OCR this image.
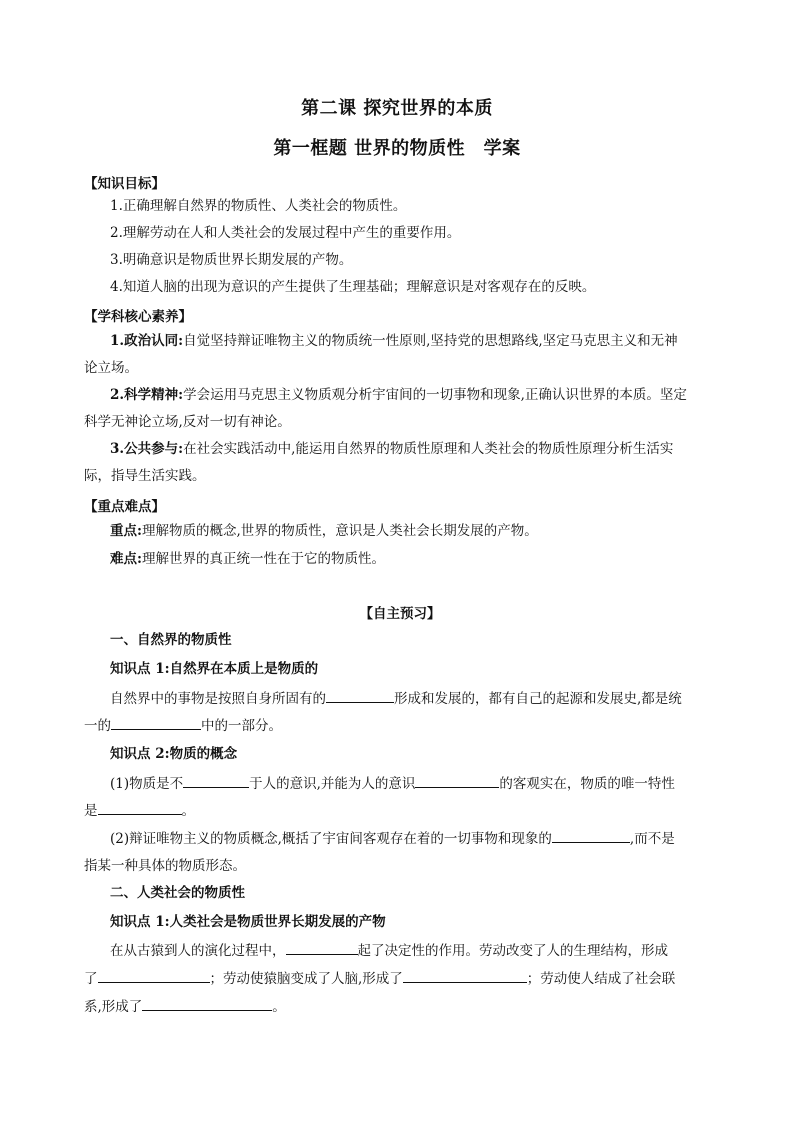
第二课 探究世界的本质
第一框题 世界的物质性　学案
【知识目标】
1.正确理解自然界的物质性、人类社会的物质性。
2.理解劳动在人和人类社会的发展过程中产生的重要作用。
3.明确意识是物质世界长期发展的产物。
4.知道人脑的出现为意识的产生提供了生理基础；理解意识是对客观存在的反映。
【学科核心素养】
1.政治认同:自觉坚持辩证唯物主义的物质统一性原则,坚持党的思想路线,坚定马克思主义和无神
论立场。
2.科学精神:学会运用马克思主义物质观分析宇宙间的一切事物和现象,正确认识世界的本质。坚定
科学无神论立场,反对一切有神论。
3.公共参与:在社会实践活动中,能运用自然界的物质性原理和人类社会的物质性原理分析生活实
际，指导生活实践。
【重点难点】
重点:理解物质的概念,世界的物质性，意识是人类社会长期发展的产物。
难点:理解世界的真正统一性在于它的物质性。
【自主预习】
一、自然界的物质性
知识点 1:自然界在本质上是物质的
自然界中的事物是按照自身所固有的	形成和发展的，都有自己的起源和发展史,都是统
一的	中的一部分。
知识点 2:物质的概念
(1)物质是不	于人的意识,并能为人的意识	的客观实在，物质的唯一特性
是	。
(2)辩证唯物主义的物质概念,概括了宇宙间客观存在着的一切事物和现象的	,而不是
指某一种具体的物质形态。
二、人类社会的物质性
知识点 1:人类社会是物质世界长期发展的产物
在从古猿到人的演化过程中，	起了决定性的作用。劳动改变了人的生理结构，形成
了	；劳动使猿脑变成了人脑,形成了	；劳动使人结成了社会联
系,形成了	。
